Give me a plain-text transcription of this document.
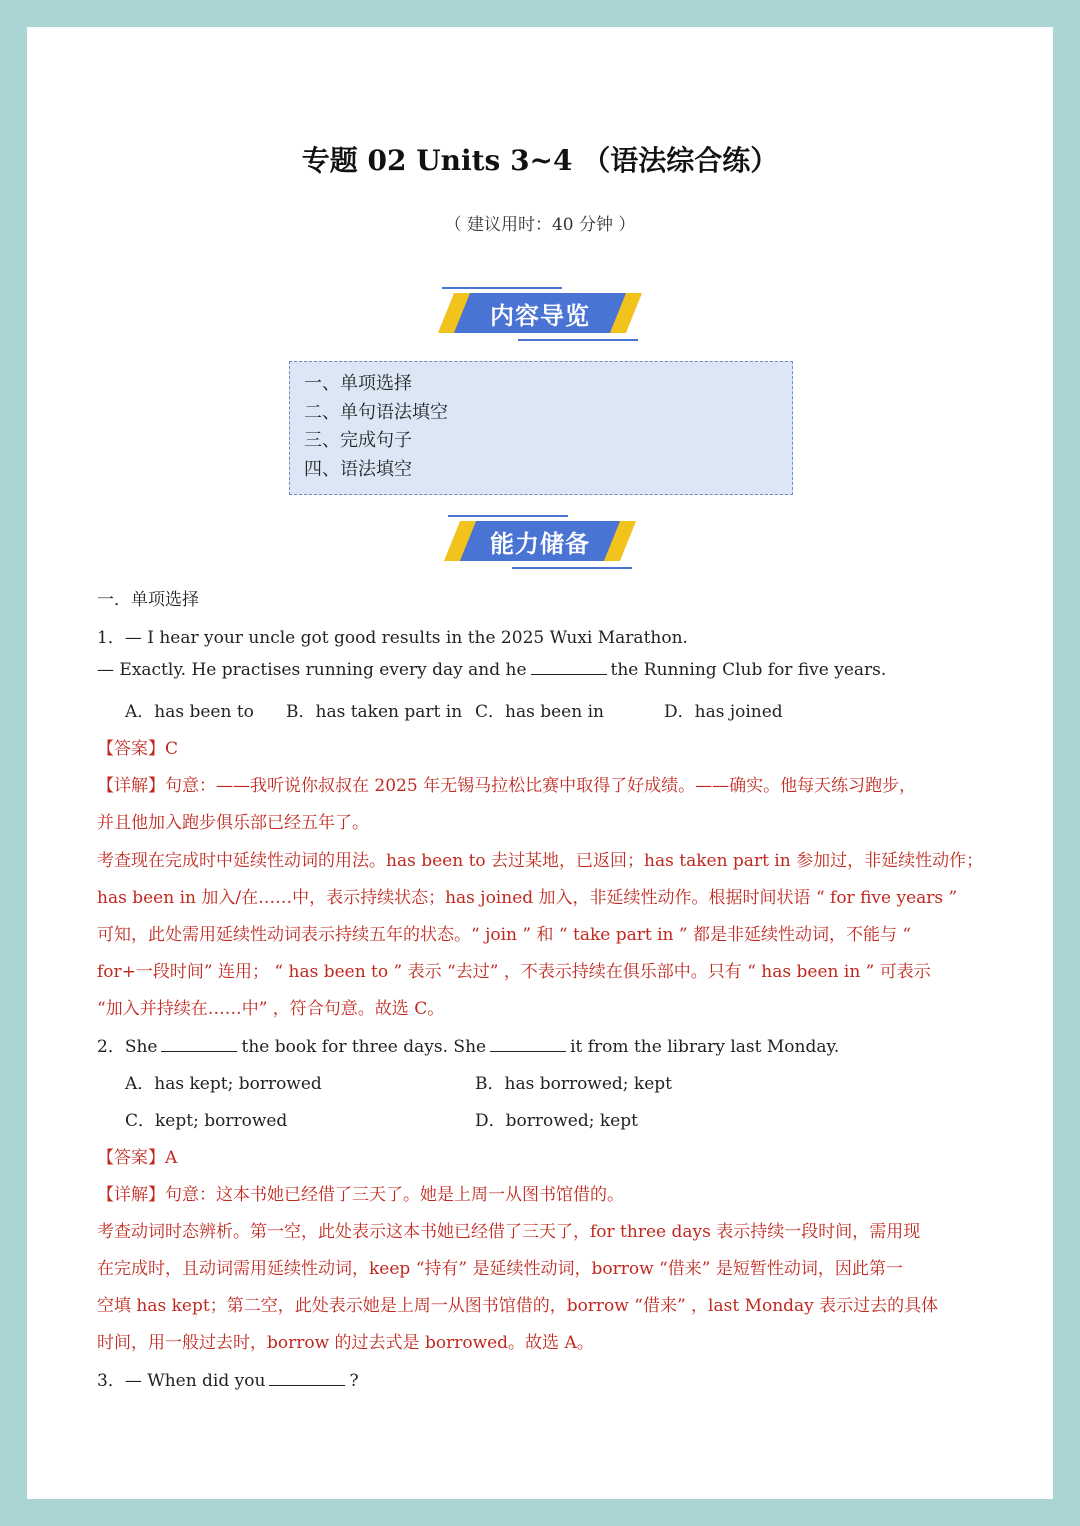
专题 02 Units 3~4 （语法综合练）
（ 建议用时：40 分钟 ）
内容导览
一、单项选择
二、单句语法填空
三、完成句子
四、语法填空
能力储备
一．单项选择
1．— I hear your uncle got good results in the 2025 Wuxi Marathon.
— Exactly. He practises running every day and he	the Running Club for five years.
A．has been to B．has taken part in C．has been in	D．has joined
【答案】C
【详解】句意：——我听说你叔叔在 2025 年无锡马拉松比赛中取得了好成绩。——确实。他每天练习跑步，
并且他加入跑步俱乐部已经五年了。
考查现在完成时中延续性动词的用法。has been to 去过某地，已返回；has taken part in 参加过，非延续性动作；
has been in 加入/在……中，表示持续状态；has joined 加入，非延续性动作。根据时间状语 “ for five years ”
可知，此处需用延续性动词表示持续五年的状态。“ join ” 和 “ take part in ” 都是非延续性动词，不能与 “
for+一段时间” 连用； “ has been to ” 表示 “去过” ，不表示持续在俱乐部中。只有 “ has been in ” 可表示
“加入并持续在……中” ，符合句意。故选 C。
2．She	the book for three days. She	it from the library last Monday.
A．has kept; borrowed	B．has borrowed; kept
C．kept; borrowed	D．borrowed; kept
【答案】A
【详解】句意：这本书她已经借了三天了。她是上周一从图书馆借的。
考查动词时态辨析。第一空，此处表示这本书她已经借了三天了，for three days 表示持续一段时间，需用现
在完成时，且动词需用延续性动词，keep “持有” 是延续性动词，borrow “借来” 是短暂性动词，因此第一
空填 has kept；第二空，此处表示她是上周一从图书馆借的，borrow “借来” ，last Monday 表示过去的具体
时间，用一般过去时，borrow 的过去式是 borrowed。故选 A。
3．— When did you	?
